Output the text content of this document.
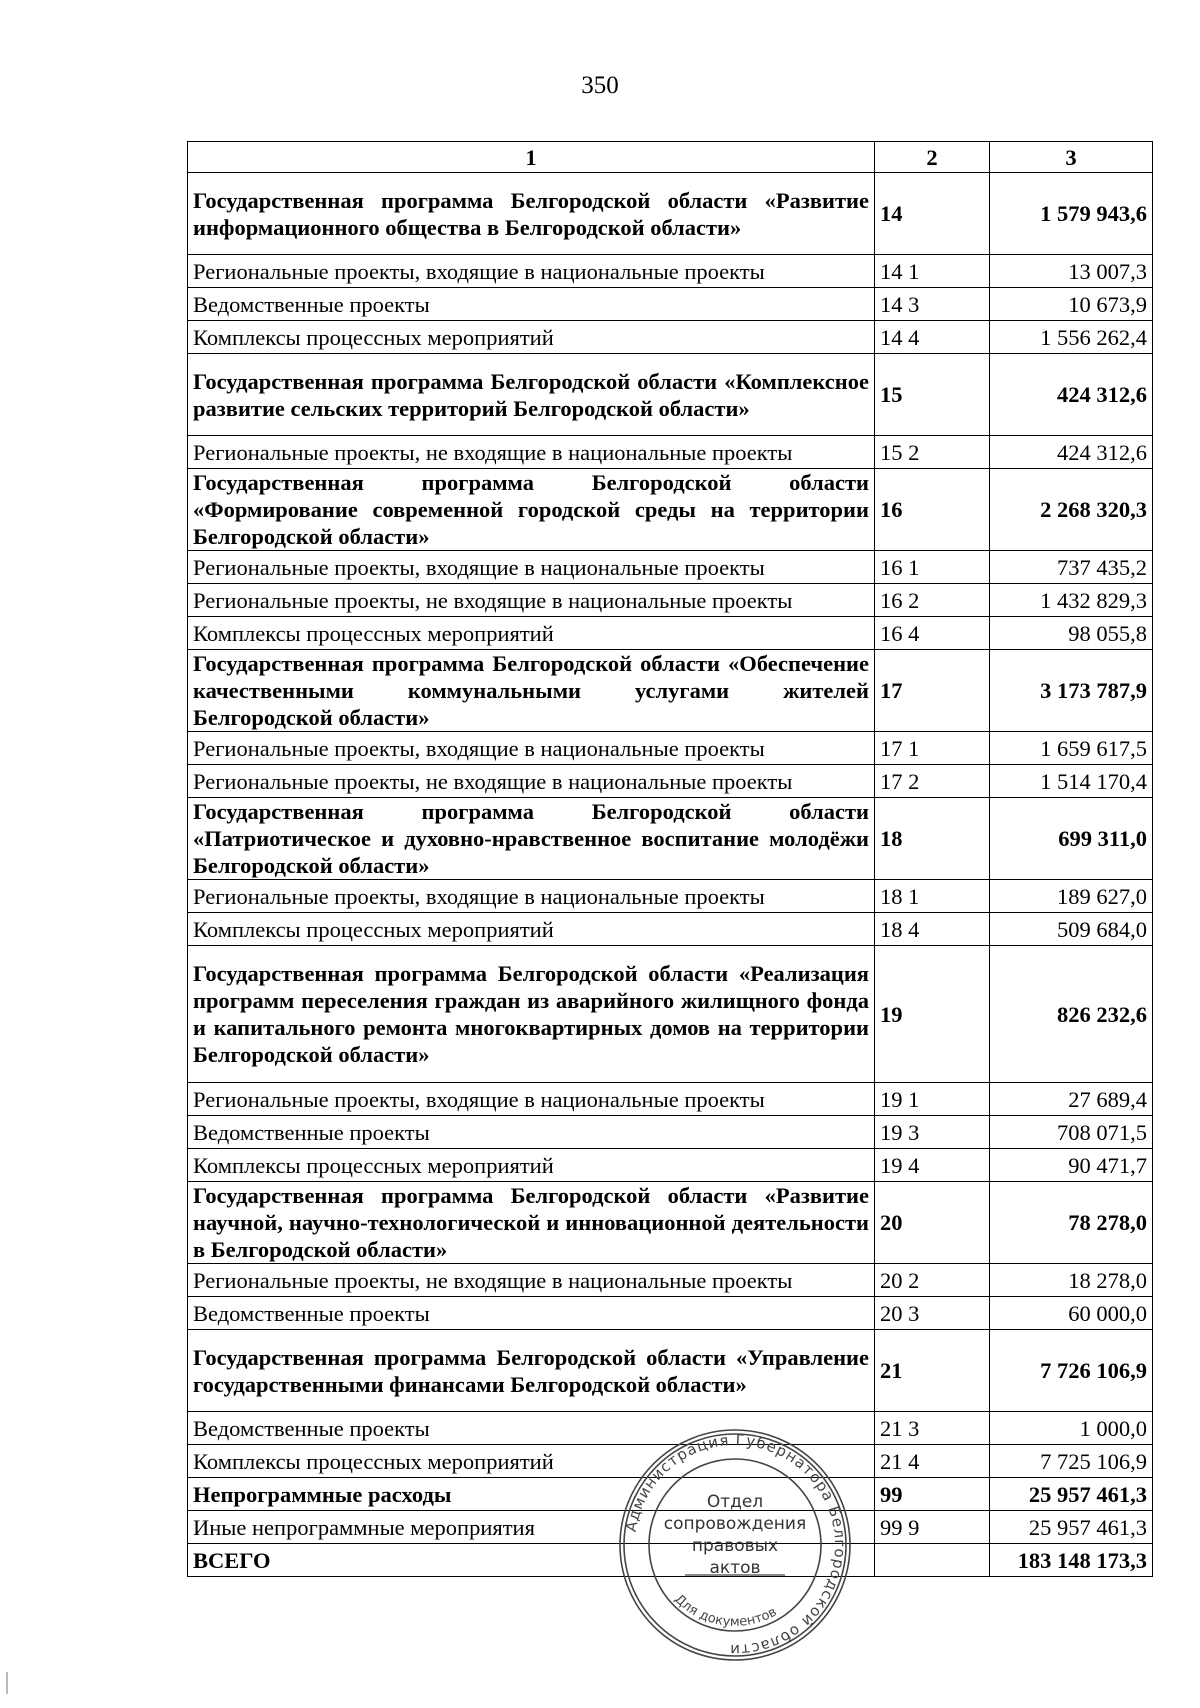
350
1	2	3
Государственная программа Белгородской области «Развитие информационного общества в Белгородской области»	14	1 579 943,6
Региональные проекты, входящие в национальные проекты	14 1	13 007,3
Ведомственные проекты	14 3	10 673,9
Комплексы процессных мероприятий	14 4	1 556 262,4
Государственная программа Белгородской области «Комплексное развитие сельских территорий Белгородской области»	15	424 312,6
Региональные проекты, не входящие в национальные проекты	15 2	424 312,6
Государственная программа Белгородской области «Формирование современной городской среды на территории Белгородской области»	16	2 268 320,3
Региональные проекты, входящие в национальные проекты	16 1	737 435,2
Региональные проекты, не входящие в национальные проекты	16 2	1 432 829,3
Комплексы процессных мероприятий	16 4	98 055,8
Государственная программа Белгородской области «Обеспечение качественными коммунальными услугами жителей Белгородской области»	17	3 173 787,9
Региональные проекты, входящие в национальные проекты	17 1	1 659 617,5
Региональные проекты, не входящие в национальные проекты	17 2	1 514 170,4
Государственная программа Белгородской области «Патриотическое и духовно-нравственное воспитание молодёжи Белгородской области»	18	699 311,0
Региональные проекты, входящие в национальные проекты	18 1	189 627,0
Комплексы процессных мероприятий	18 4	509 684,0
Государственная программа Белгородской области «Реализация программ переселения граждан из аварийного жилищного фонда и капитального ремонта многоквартирных домов на территории Белгородской области»	19	826 232,6
Региональные проекты, входящие в национальные проекты	19 1	27 689,4
Ведомственные проекты	19 3	708 071,5
Комплексы процессных мероприятий	19 4	90 471,7
Государственная программа Белгородской области «Развитие научной, научно-технологической и инновационной деятельности в Белгородской области»	20	78 278,0
Региональные проекты, не входящие в национальные проекты	20 2	18 278,0
Ведомственные проекты	20 3	60 000,0
Государственная программа Белгородской области «Управление государственными финансами Белгородской области»	21	7 726 106,9
Ведомственные проекты	21 3	1 000,0
Комплексы процессных мероприятий	21 4	7 725 106,9
Непрограммные расходы	99	25 957 461,3
Иные непрограммные мероприятия	99 9	25 957 461,3
ВСЕГО		183 148 173,3
Администрация Губернатора Белгородской области
Для документов
Отдел
сопровождения
правовых
актов
